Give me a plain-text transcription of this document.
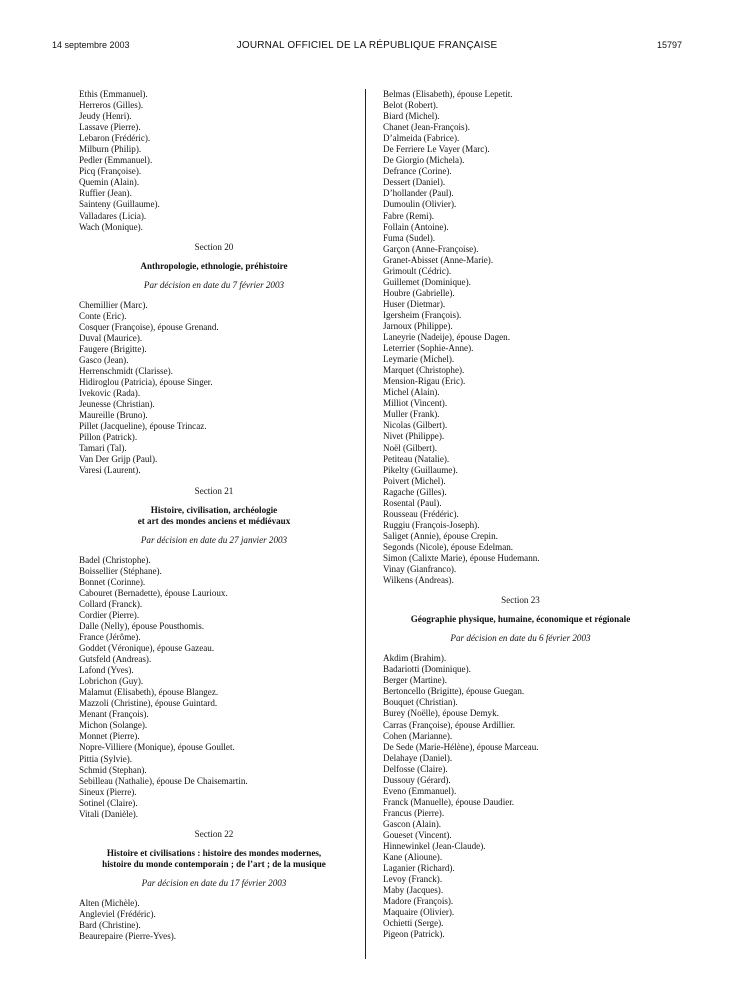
14 septembre 2003	JOURNAL OFFICIEL DE LA RÉPUBLIQUE FRANÇAISE	15797
Ethis (Emmanuel).
Herreros (Gilles).
Jeudy (Henri).
Lassave (Pierre).
Lebaron (Frédéric).
Milburn (Philip).
Pedler (Emmanuel).
Picq (Françoise).
Quemin (Alain).
Ruffier (Jean).
Sainteny (Guillaume).
Valladares (Licia).
Wach (Monique).
Section 20
Anthropologie, ethnologie, préhistoire
Par décision en date du 7 février 2003
Chemillier (Marc).
Conte (Eric).
Cosquer (Françoise), épouse Grenand.
Duval (Maurice).
Faugere (Brigitte).
Gasco (Jean).
Herrenschmidt (Clarisse).
Hidiroglou (Patricia), épouse Singer.
Ivekovic (Rada).
Jeunesse (Christian).
Maureille (Bruno).
Pillet (Jacqueline), épouse Trincaz.
Pillon (Patrick).
Tamari (Tal).
Van Der Grijp (Paul).
Varesi (Laurent).
Section 21
Histoire, civilisation, archéologie
et art des mondes anciens et médiévaux
Par décision en date du 27 janvier 2003
Badel (Christophe).
Boissellier (Stéphane).
Bonnet (Corinne).
Cabouret (Bernadette), épouse Laurioux.
Collard (Franck).
Cordier (Pierre).
Dalle (Nelly), épouse Pousthomis.
France (Jérôme).
Goddet (Véronique), épouse Gazeau.
Gutsfeld (Andreas).
Lafond (Yves).
Lobrichon (Guy).
Malamut (Elisabeth), épouse Blangez.
Mazzoli (Christine), épouse Guintard.
Menant (François).
Michon (Solange).
Monnet (Pierre).
Nopre-Villiere (Monique), épouse Goullet.
Pittia (Sylvie).
Schmid (Stephan).
Sebilleau (Nathalie), épouse De Chaisemartin.
Sineux (Pierre).
Sotinel (Claire).
Vitali (Danièle).
Section 22
Histoire et civilisations : histoire des mondes modernes,
histoire du monde contemporain ; de l’art ; de la musique
Par décision en date du 17 février 2003
Alten (Michèle).
Angleviel (Frédéric).
Bard (Christine).
Beaurepaire (Pierre-Yves).
Belmas (Elisabeth), épouse Lepetit.
Belot (Robert).
Biard (Michel).
Chanet (Jean-François).
D’almeida (Fabrice).
De Ferriere Le Vayer (Marc).
De Giorgio (Michela).
Defrance (Corine).
Dessert (Daniel).
D’hollander (Paul).
Dumoulin (Olivier).
Fabre (Remi).
Follain (Antoine).
Fuma (Sudel).
Garçon (Anne-Françoise).
Granet-Abisset (Anne-Marie).
Grimoult (Cédric).
Guillemet (Dominique).
Houbre (Gabrielle).
Huser (Dietmar).
Igersheim (François).
Jarnoux (Philippe).
Laneyrie (Nadeije), épouse Dagen.
Leterrier (Sophie-Anne).
Leymarie (Michel).
Marquet (Christophe).
Mension-Rigau (Eric).
Michel (Alain).
Milliot (Vincent).
Muller (Frank).
Nicolas (Gilbert).
Nivet (Philippe).
Noël (Gilbert).
Petiteau (Natalie).
Pikelty (Guillaume).
Poivert (Michel).
Ragache (Gilles).
Rosental (Paul).
Rousseau (Frédéric).
Ruggiu (François-Joseph).
Saliget (Annie), épouse Crepin.
Segonds (Nicole), épouse Edelman.
Simon (Calixte Marie), épouse Hudemann.
Vinay (Gianfranco).
Wilkens (Andreas).
Section 23
Géographie physique, humaine, économique et régionale
Par décision en date du 6 février 2003
Akdim (Brahim).
Badariotti (Dominique).
Berger (Martine).
Bertoncello (Brigitte), épouse Guegan.
Bouquet (Christian).
Burey (Noëlle), épouse Demyk.
Carras (Françoise), épouse Ardillier.
Cohen (Marianne).
De Sede (Marie-Hélène), épouse Marceau.
Delahaye (Daniel).
Delfosse (Claire).
Dussouy (Gérard).
Eveno (Emmanuel).
Franck (Manuelle), épouse Daudier.
Francus (Pierre).
Gascon (Alain).
Goueset (Vincent).
Hinnewinkel (Jean-Claude).
Kane (Alioune).
Laganier (Richard).
Levoy (Franck).
Maby (Jacques).
Madore (François).
Maquaire (Olivier).
Ochietti (Serge).
Pigeon (Patrick).
